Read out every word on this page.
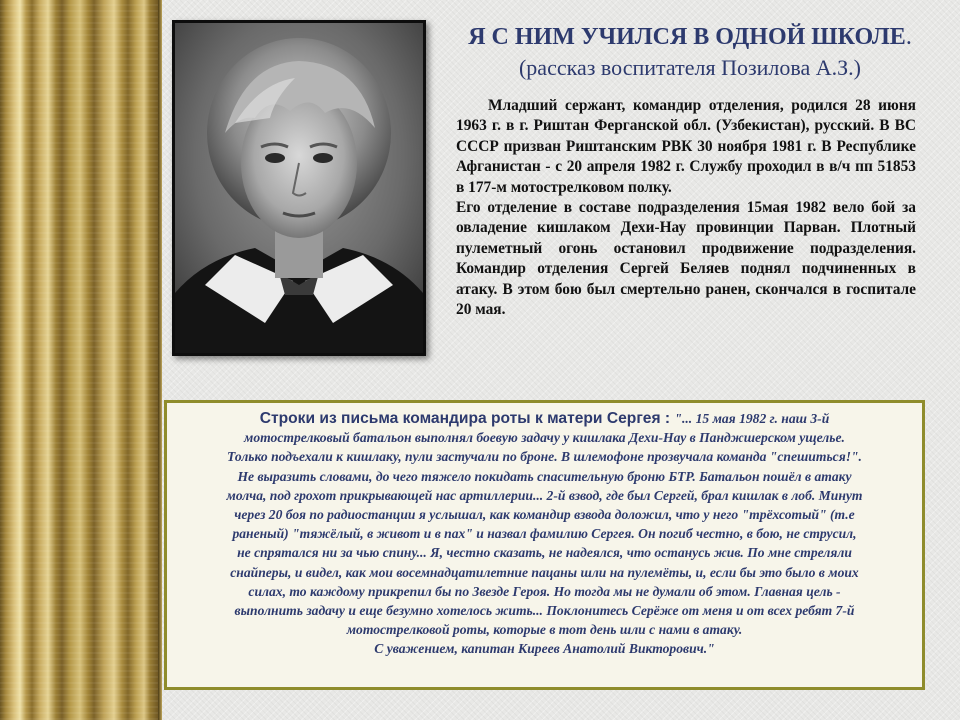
Я С НИМ УЧИЛСЯ В ОДНОЙ ШКОЛЕ.
(рассказ воспитателя Позилова А.З.)

Младший сержант, командир отделения, родился 28 июня 1963 г. в г. Риштан Ферганской обл. (Узбекистан), русский. В ВС СССР призван Риштанским РВК 30 ноября 1981 г. В Республике Афганистан - с 20 апреля 1982 г. Службу проходил в в/ч пп 51853 в 177-м мотострелковом полку.

Его отделение в составе подразделения 15мая 1982 вело бой за овладение кишлаком Дехи-Нау провинции Парван. Плотный пулеметный огонь остановил продвижение подразделения. Командир отделения Сергей Беляев поднял подчиненных в атаку. В этом бою был смертельно ранен, скончался в госпитале 20 мая.

Строки из письма командира роты к матери Сергея : "... 15 мая 1982 г. наш 3-й
мотострелковый батальон выполнял боевую задачу у кишлака Дехи-Нау в Панджшерском ущелье.
Только подъехали к кишлаку, пули застучали по броне. В шлемофоне прозвучала команда "спешиться!".
Не выразить словами, до чего тяжело покидать спасительную броню БТР. Батальон пошёл в атаку
молча, под грохот прикрывающей нас артиллерии... 2-й взвод, где был Сергей, брал кишлак в лоб. Минут
через 20 боя по радиостанции я услышал, как командир взвода доложил, что у него "трёхсотый" (т.е
раненый) "тяжёлый, в живот и в пах" и назвал фамилию Сергея. Он погиб честно, в бою, не струсил,
не спрятался ни за чью спину... Я, честно сказать, не надеялся, что останусь жив. По мне стреляли
снайперы, и видел, как мои восемнадцатилетние пацаны шли на пулемёты, и, если бы это было в моих
силах, то каждому прикрепил бы по Звезде Героя. Но тогда мы не думали об этом. Главная цель -
выполнить задачу и еще безумно хотелось жить... Поклонитесь Серёже от меня и от всех ребят 7-й
мотострелковой роты, которые в тот день шли с нами в атаку.
С уважением, капитан Киреев Анатолий Викторович."
